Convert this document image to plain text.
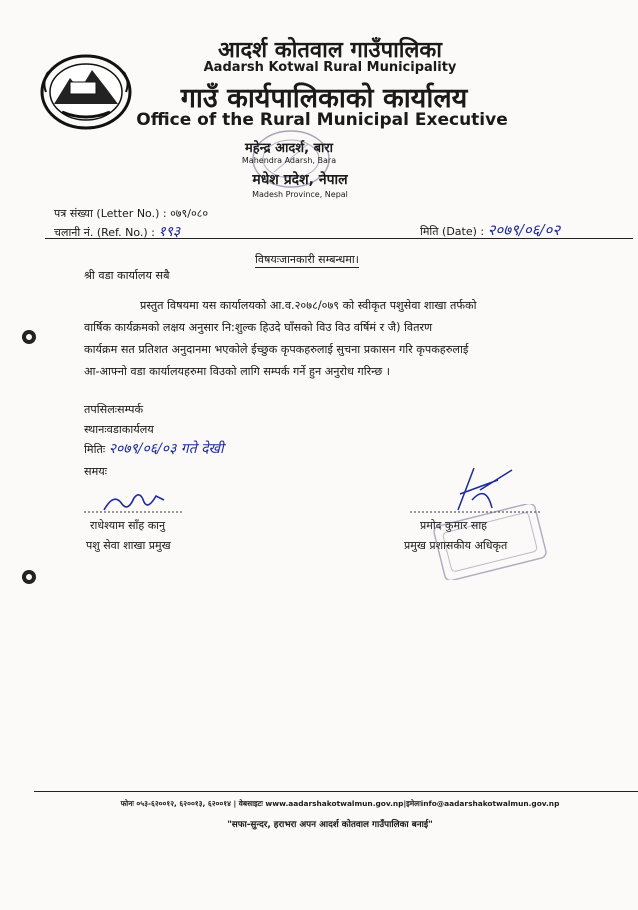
आदर्श कोतवाल गाउँपालिका
Aadarsh Kotwal Rural Municipality
गाउँ कार्यपालिकाको कार्यालय
Office of the Rural Municipal Executive
महेन्द्र आदर्श, बारा
Mahendra Adarsh, Bara
मधेश प्रदेश, नेपाल
Madesh Province, Nepal
पत्र संख्या (Letter No.) : ०७९/०८०
चलानी नं. (Ref. No.) : १९३	मिति (Date) : २०७९/०६/०२
विषयःजानकारी सम्बन्धमा।
श्री वडा कार्यालय सबै
प्रस्तुत विषयमा यस कार्यालयको आ.व.२०७८/०७९ को स्वीकृत पशुसेवा शाखा तर्फको
वार्षिक कार्यक्रमको लक्षय अनुसार नि:शुल्क हिउदे घाँसको विउ विउ वर्षिमं र जै) वितरण
कार्यक्रम सत प्रतिशत अनुदानमा भएकोले ईच्छुक कृपकहरुलाई सुचना प्रकासन गरि कृपकहरुलाई
आ-आफ्नो वडा कार्यालयहरुमा विउको लागि सम्पर्क गर्ने हुन अनुरोध गरिन्छ ।
तपसिलःसम्पर्क
स्थानःवडाकार्यलय
मितिः २०७९/०६/०३ गते देखी
समयः
राधेश्याम साँह कानु
पशु सेवा शाखा प्रमुख
प्रमोद कुमार साह
प्रमुख प्रशासकीय अधिकृत
फोनः ०५३-६२००१२, ६२००१३, ६२००१४ | वेबसाइटः www.aadarshakotwalmun.gov.np|इमेलःinfo@aadarshakotwalmun.gov.np
"सफा-सुन्दर, हराभरा अपन आदर्श कोतवाल गाउँपालिका बनाई"
